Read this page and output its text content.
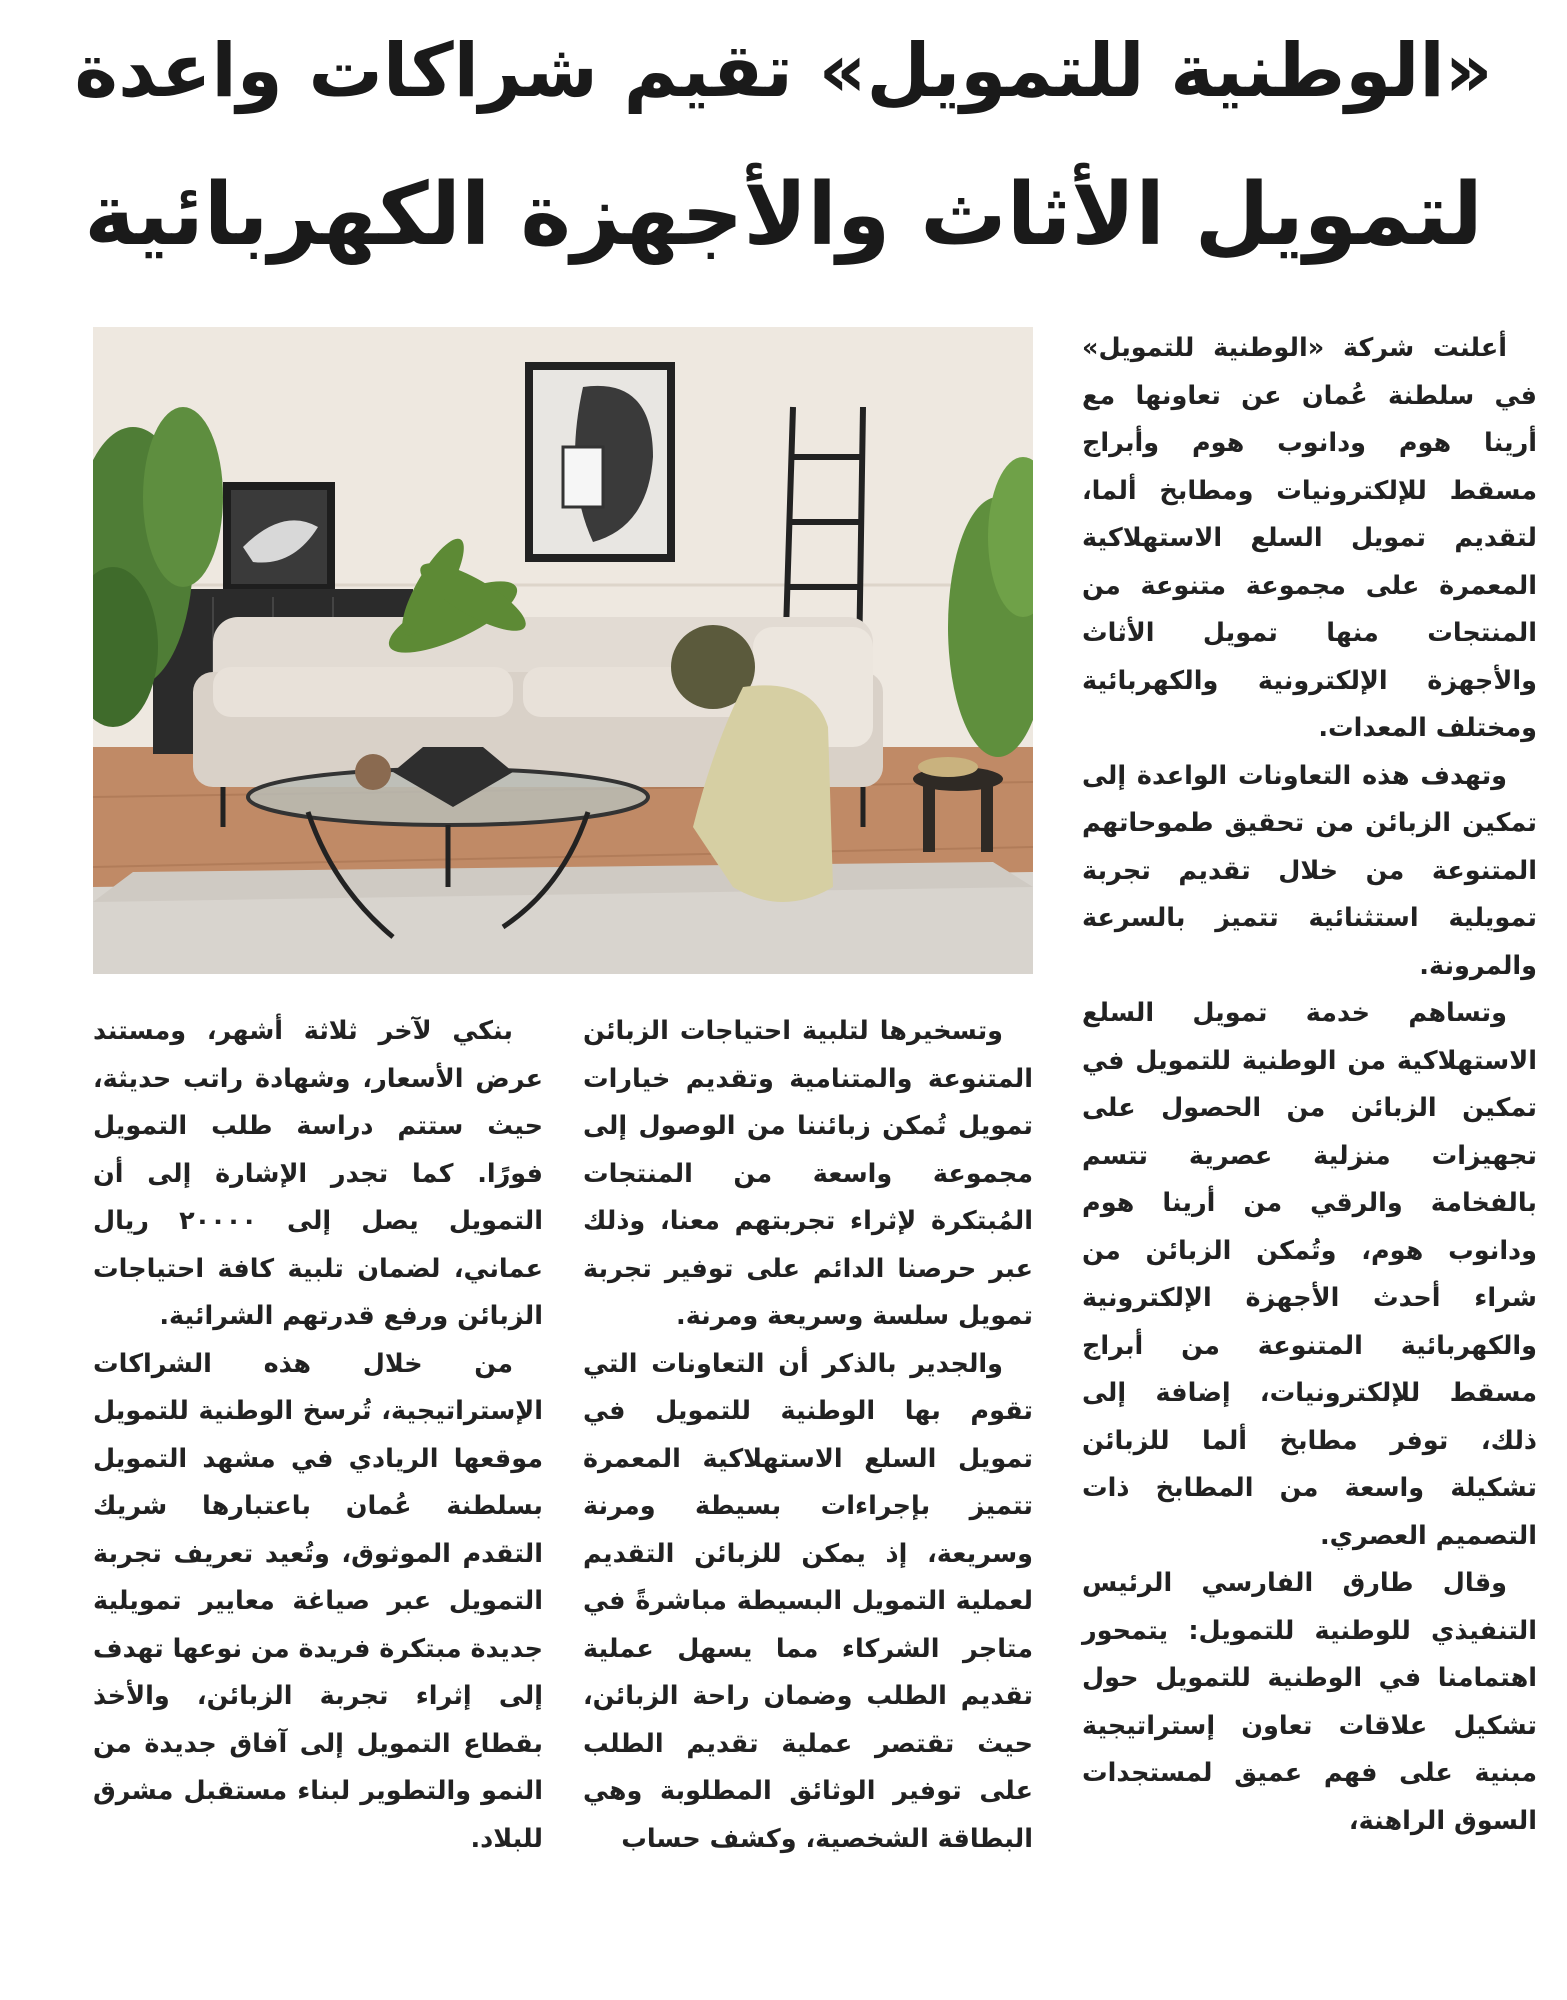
«الوطنية للتمويل» تقيم شراكات واعدة
لتمويل الأثاث والأجهزة الكهربائية

أعلنت شركة «الوطنية للتمويل» في سلطنة عُمان عن تعاونها مع أرينا هوم ودانوب هوم وأبراج مسقط للإلكترونيات ومطابخ ألما، لتقديم تمويل السلع الاستهلاكية المعمرة على مجموعة متنوعة من المنتجات منها تمويل الأثاث والأجهزة الإلكترونية والكهربائية ومختلف المعدات.

وتهدف هذه التعاونات الواعدة إلى تمكين الزبائن من تحقيق طموحاتهم المتنوعة من خلال تقديم تجربة تمويلية استثنائية تتميز بالسرعة والمرونة.

وتساهم خدمة تمويل السلع الاستهلاكية من الوطنية للتمويل في تمكين الزبائن من الحصول على تجهيزات منزلية عصرية تتسم بالفخامة والرقي من أرينا هوم ودانوب هوم، وتُمكن الزبائن من شراء أحدث الأجهزة الإلكترونية والكهربائية المتنوعة من أبراج مسقط للإلكترونيات، إضافة إلى ذلك، توفر مطابخ ألما للزبائن تشكيلة واسعة من المطابخ ذات التصميم العصري.

وقال طارق الفارسي الرئيس التنفيذي للوطنية للتمويل: يتمحور اهتمامنا في الوطنية للتمويل حول تشكيل علاقات تعاون إستراتيجية مبنية على فهم عميق لمستجدات السوق الراهنة،

وتسخيرها لتلبية احتياجات الزبائن المتنوعة والمتنامية وتقديم خيارات تمويل تُمكن زبائننا من الوصول إلى مجموعة واسعة من المنتجات المُبتكرة لإثراء تجربتهم معنا، وذلك عبر حرصنا الدائم على توفير تجربة تمويل سلسة وسريعة ومرنة.

والجدير بالذكر أن التعاونات التي تقوم بها الوطنية للتمويل في تمويل السلع الاستهلاكية المعمرة تتميز بإجراءات بسيطة ومرنة وسريعة، إذ يمكن للزبائن التقديم لعملية التمويل البسيطة مباشرةً في متاجر الشركاء مما يسهل عملية تقديم الطلب وضمان راحة الزبائن، حيث تقتصر عملية تقديم الطلب على توفير الوثائق المطلوبة وهي البطاقة الشخصية، وكشف حساب

بنكي لآخر ثلاثة أشهر، ومستند عرض الأسعار، وشهادة راتب حديثة، حيث ستتم دراسة طلب التمويل فورًا. كما تجدر الإشارة إلى أن التمويل يصل إلى ٢٠٠٠٠ ريال عماني، لضمان تلبية كافة احتياجات الزبائن ورفع قدرتهم الشرائية.

من خلال هذه الشراكات الإستراتيجية، تُرسخ الوطنية للتمويل موقعها الريادي في مشهد التمويل بسلطنة عُمان باعتبارها شريك التقدم الموثوق، وتُعيد تعريف تجربة التمويل عبر صياغة معايير تمويلية جديدة مبتكرة فريدة من نوعها تهدف إلى إثراء تجربة الزبائن، والأخذ بقطاع التمويل إلى آفاق جديدة من النمو والتطوير لبناء مستقبل مشرق للبلاد.
